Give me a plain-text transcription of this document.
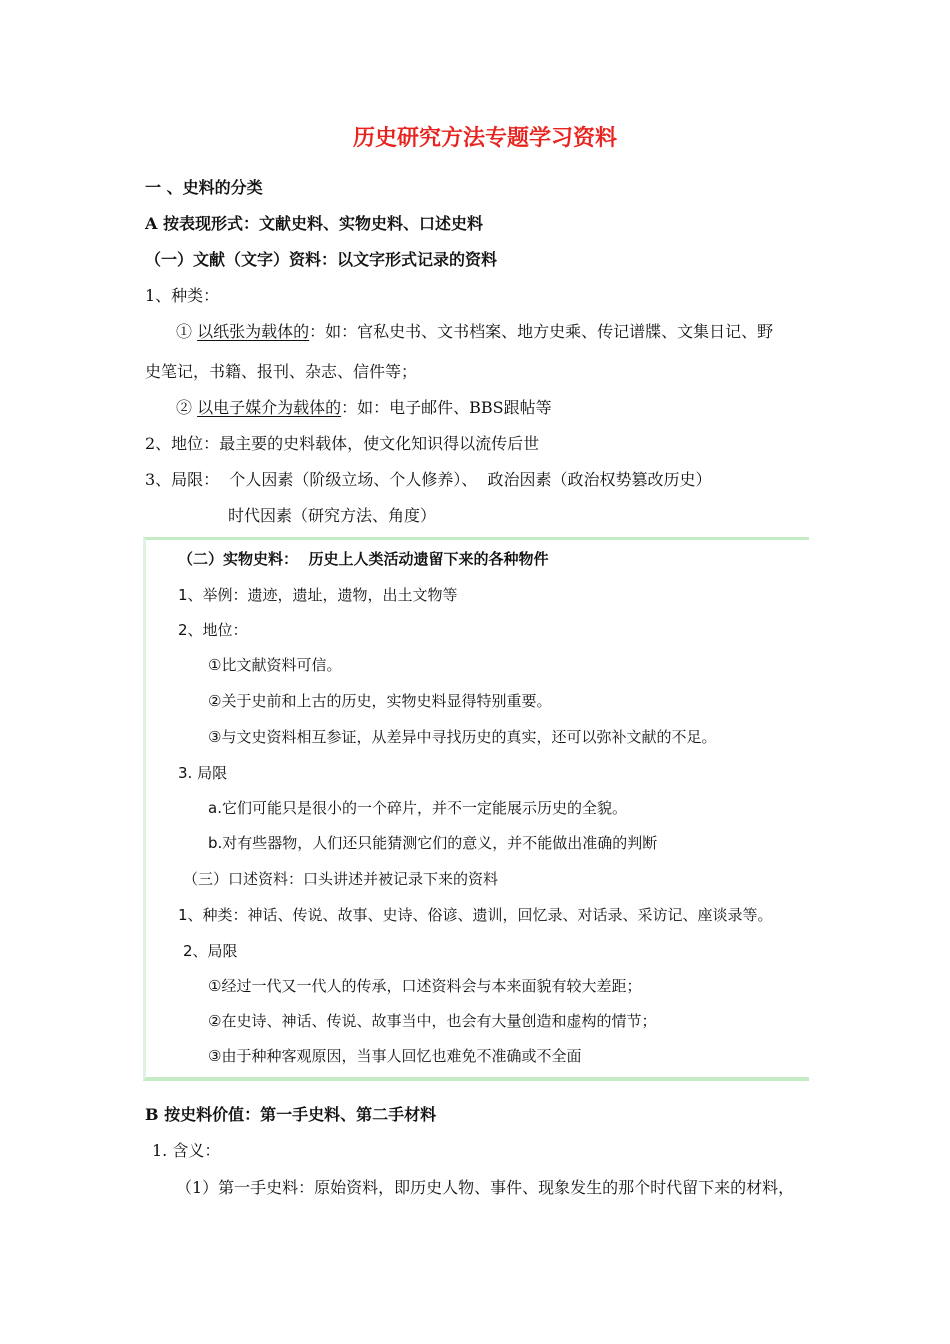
历史研究方法专题学习资料
一 、史料的分类
A 按表现形式：文献史料、实物史料、口述史料
（一）文献（文字）资料：以文字形式记录的资料
1、种类：
① 以纸张为载体的：如：官私史书、文书档案、地方史乘、传记谱牒、文集日记、野
史笔记，书籍、报刊、杂志、信件等；
② 以电子媒介为载体的：如：电子邮件、BBS跟帖等
2、地位：最主要的史料载体，使文化知识得以流传后世
3、局限：  个人因素（阶级立场、个人修养）、  政治因素（政治权势篡改历史）
时代因素（研究方法、角度）
（二）实物史料：  历史上人类活动遗留下来的各种物件
1、举例：遗迹，遗址，遗物，出土文物等
2、地位：
①比文献资料可信。
②关于史前和上古的历史，实物史料显得特别重要。
③与文史资料相互参证，从差异中寻找历史的真实，还可以弥补文献的不足。
3. 局限
a.它们可能只是很小的一个碎片，并不一定能展示历史的全貌。
b.对有些器物，人们还只能猜测它们的意义，并不能做出准确的判断
（三）口述资料：口头讲述并被记录下来的资料
1、种类：神话、传说、故事、史诗、俗谚、遗训，回忆录、对话录、采访记、座谈录等。
2、局限
①经过一代又一代人的传承，口述资料会与本来面貌有较大差距；
②在史诗、神话、传说、故事当中，也会有大量创造和虚构的情节；
③由于种种客观原因，当事人回忆也难免不准确或不全面
B 按史料价值：第一手史料、第二手材料
1. 含义：
（1）第一手史料：原始资料，即历史人物、事件、现象发生的那个时代留下来的材料，
